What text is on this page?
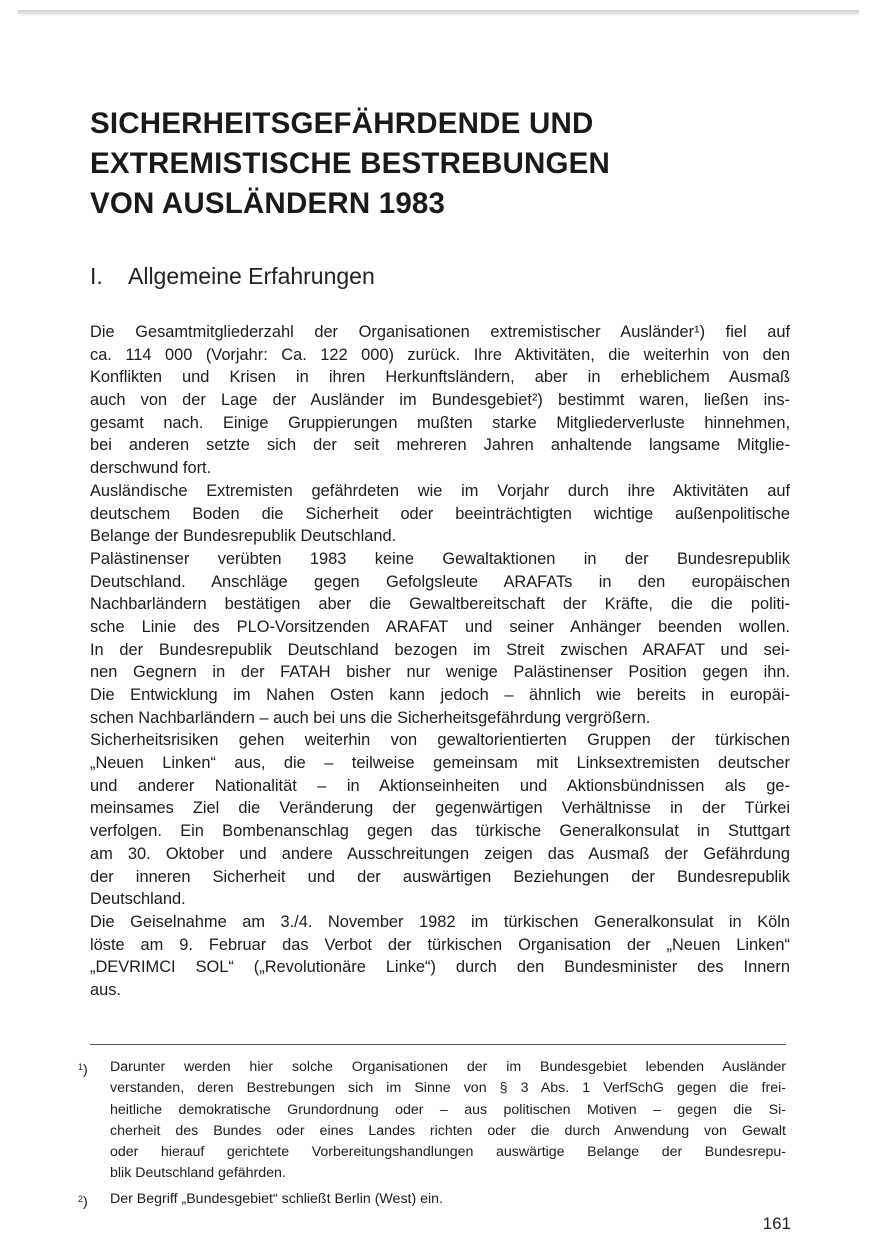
SICHERHEITSGEFÄHRDENDE UND
EXTREMISTISCHE BESTREBUNGEN
VON AUSLÄNDERN 1983
I. Allgemeine Erfahrungen
Die Gesamtmitgliederzahl der Organisationen extremistischer Ausländer¹) fiel auf
ca. 114 000 (Vorjahr: Ca. 122 000) zurück. Ihre Aktivitäten, die weiterhin von den
Konflikten und Krisen in ihren Herkunftsländern, aber in erheblichem Ausmaß
auch von der Lage der Ausländer im Bundesgebiet²) bestimmt waren, ließen ins-
gesamt nach. Einige Gruppierungen mußten starke Mitgliederverluste hinnehmen,
bei anderen setzte sich der seit mehreren Jahren anhaltende langsame Mitglie-
derschwund fort.
Ausländische Extremisten gefährdeten wie im Vorjahr durch ihre Aktivitäten auf
deutschem Boden die Sicherheit oder beeinträchtigten wichtige außenpolitische
Belange der Bundesrepublik Deutschland.
Palästinenser verübten 1983 keine Gewaltaktionen in der Bundesrepublik
Deutschland. Anschläge gegen Gefolgsleute ARAFATs in den europäischen
Nachbarländern bestätigen aber die Gewaltbereitschaft der Kräfte, die die politi-
sche Linie des PLO-Vorsitzenden ARAFAT und seiner Anhänger beenden wollen.
In der Bundesrepublik Deutschland bezogen im Streit zwischen ARAFAT und sei-
nen Gegnern in der FATAH bisher nur wenige Palästinenser Position gegen ihn.
Die Entwicklung im Nahen Osten kann jedoch – ähnlich wie bereits in europäi-
schen Nachbarländern – auch bei uns die Sicherheitsgefährdung vergrößern.
Sicherheitsrisiken gehen weiterhin von gewaltorientierten Gruppen der türkischen
„Neuen Linken“ aus, die – teilweise gemeinsam mit Linksextremisten deutscher
und anderer Nationalität – in Aktionseinheiten und Aktionsbündnissen als ge-
meinsames Ziel die Veränderung der gegenwärtigen Verhältnisse in der Türkei
verfolgen. Ein Bombenanschlag gegen das türkische Generalkonsulat in Stuttgart
am 30. Oktober und andere Ausschreitungen zeigen das Ausmaß der Gefährdung
der inneren Sicherheit und der auswärtigen Beziehungen der Bundesrepublik
Deutschland.
Die Geiselnahme am 3./4. November 1982 im türkischen Generalkonsulat in Köln
löste am 9. Februar das Verbot der türkischen Organisation der „Neuen Linken“
„DEVRIMCI SOL“ („Revolutionäre Linke“) durch den Bundesminister des Innern
aus.
$^1$) Darunter werden hier solche Organisationen der im Bundesgebiet lebenden Ausländer
verstanden, deren Bestrebungen sich im Sinne von § 3 Abs. 1 VerfSchG gegen die frei-
heitliche demokratische Grundordnung oder – aus politischen Motiven – gegen die Si-
cherheit des Bundes oder eines Landes richten oder die durch Anwendung von Gewalt
oder hierauf gerichtete Vorbereitungshandlungen auswärtige Belange der Bundesrepu-
blik Deutschland gefährden.
$^2$) Der Begriff „Bundesgebiet“ schließt Berlin (West) ein.
161
